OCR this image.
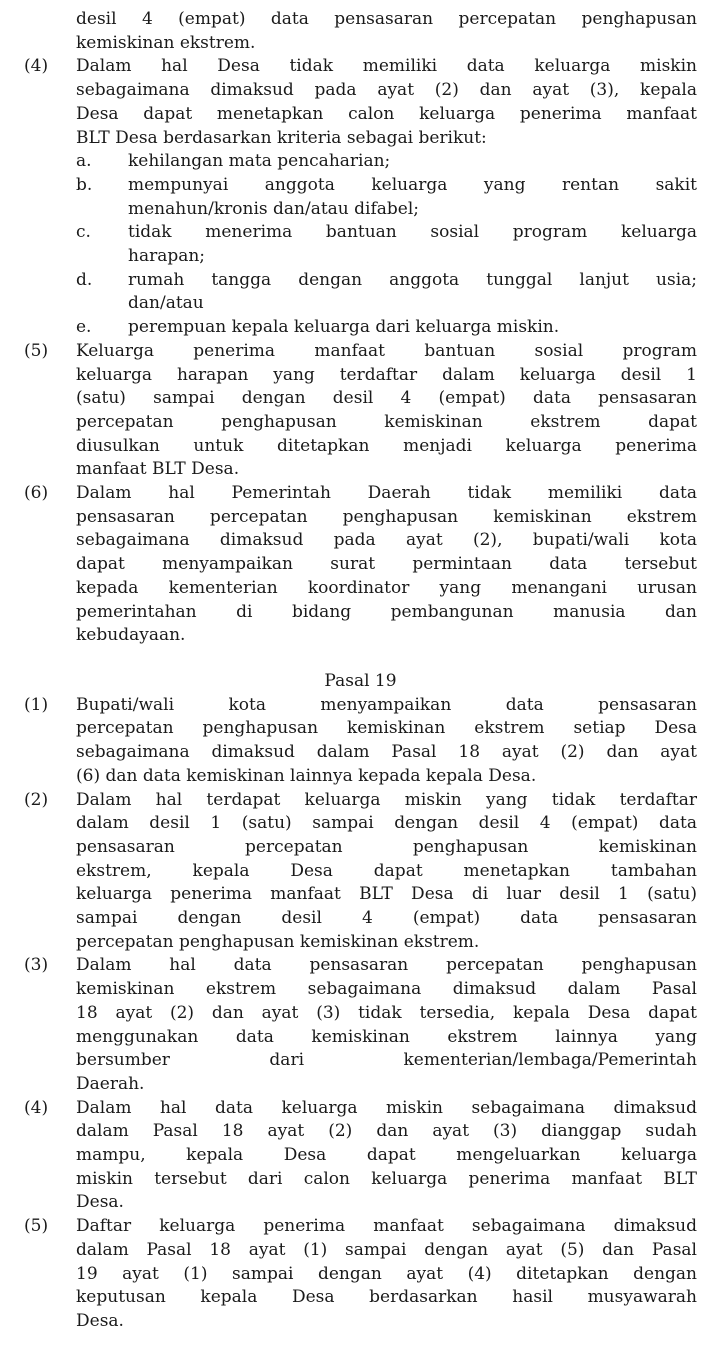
desil 4 (empat) data pensasaran percepatan penghapusan
kemiskinan ekstrem.
(4) Dalam hal Desa tidak memiliki data keluarga miskin
sebagaimana dimaksud pada ayat (2) dan ayat (3), kepala
Desa dapat menetapkan calon keluarga penerima manfaat
BLT Desa berdasarkan kriteria sebagai berikut:
a. kehilangan mata pencaharian;
b. mempunyai anggota keluarga yang rentan sakit
menahun/kronis dan/atau difabel;
c. tidak menerima bantuan sosial program keluarga
harapan;
d. rumah tangga dengan anggota tunggal lanjut usia;
dan/atau
e. perempuan kepala keluarga dari keluarga miskin.
(5) Keluarga penerima manfaat bantuan sosial program
keluarga harapan yang terdaftar dalam keluarga desil 1
(satu) sampai dengan desil 4 (empat) data pensasaran
percepatan penghapusan kemiskinan ekstrem dapat
diusulkan untuk ditetapkan menjadi keluarga penerima
manfaat BLT Desa.
(6) Dalam hal Pemerintah Daerah tidak memiliki data
pensasaran percepatan penghapusan kemiskinan ekstrem
sebagaimana dimaksud pada ayat (2), bupati/wali kota
dapat menyampaikan surat permintaan data tersebut
kepada kementerian koordinator yang menangani urusan
pemerintahan di bidang pembangunan manusia dan
kebudayaan.
Pasal 19
(1) Bupati/wali kota menyampaikan data pensasaran
percepatan penghapusan kemiskinan ekstrem setiap Desa
sebagaimana dimaksud dalam Pasal 18 ayat (2) dan ayat
(6) dan data kemiskinan lainnya kepada kepala Desa.
(2) Dalam hal terdapat keluarga miskin yang tidak terdaftar
dalam desil 1 (satu) sampai dengan desil 4 (empat) data
pensasaran percepatan penghapusan kemiskinan
ekstrem, kepala Desa dapat menetapkan tambahan
keluarga penerima manfaat BLT Desa di luar desil 1 (satu)
sampai dengan desil 4 (empat) data pensasaran
percepatan penghapusan kemiskinan ekstrem.
(3) Dalam hal data pensasaran percepatan penghapusan
kemiskinan ekstrem sebagaimana dimaksud dalam Pasal
18 ayat (2) dan ayat (3) tidak tersedia, kepala Desa dapat
menggunakan data kemiskinan ekstrem lainnya yang
bersumber dari kementerian/lembaga/Pemerintah
Daerah.
(4) Dalam hal data keluarga miskin sebagaimana dimaksud
dalam Pasal 18 ayat (2) dan ayat (3) dianggap sudah
mampu, kepala Desa dapat mengeluarkan keluarga
miskin tersebut dari calon keluarga penerima manfaat BLT
Desa.
(5) Daftar keluarga penerima manfaat sebagaimana dimaksud
dalam Pasal 18 ayat (1) sampai dengan ayat (5) dan Pasal
19 ayat (1) sampai dengan ayat (4) ditetapkan dengan
keputusan kepala Desa berdasarkan hasil musyawarah
Desa.
